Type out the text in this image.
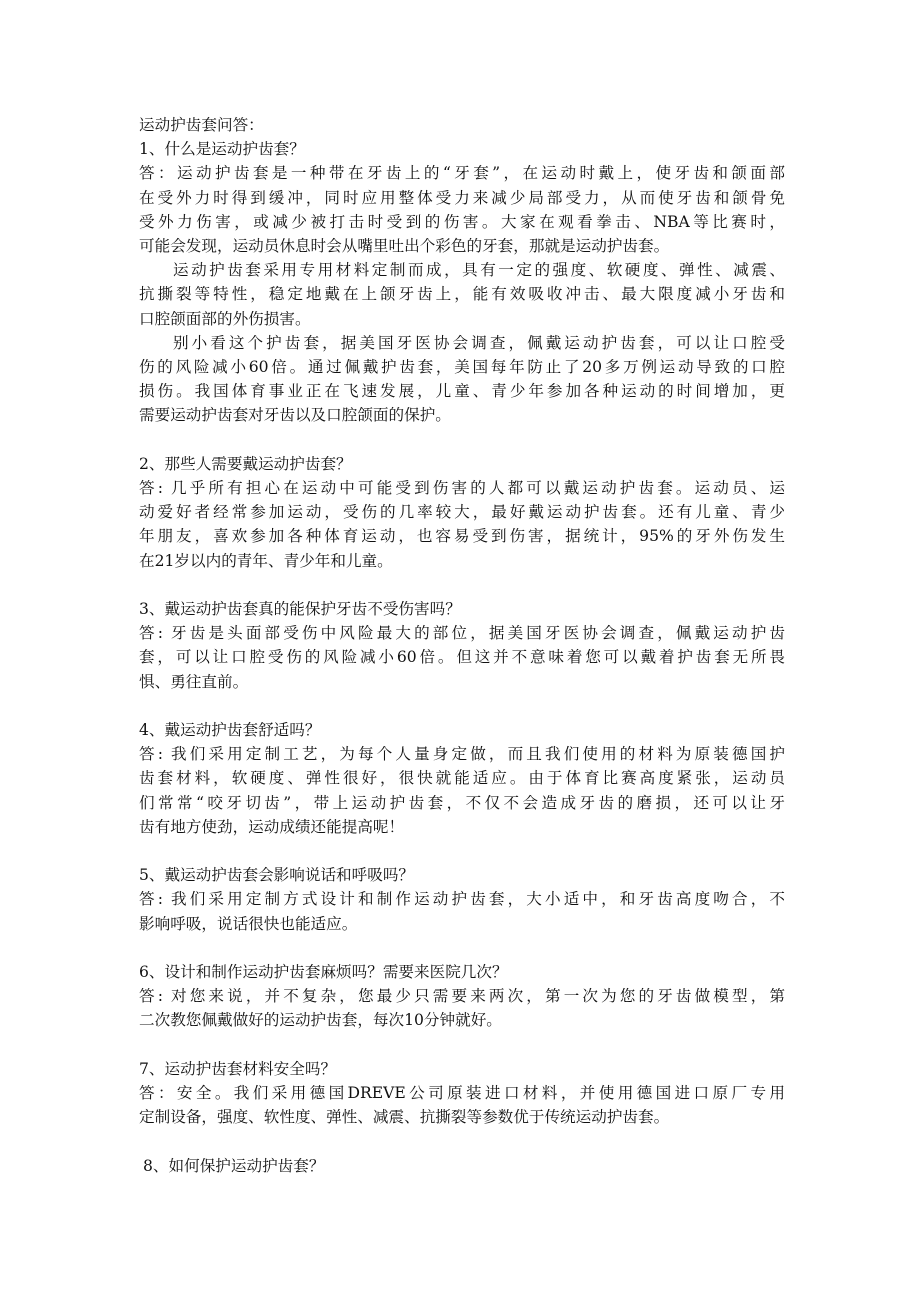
运动护齿套问答：
1、什么是运动护齿套？
答：运动护齿套是一种带在牙齿上的“牙套”，在运动时戴上，使牙齿和颌面部
在受外力时得到缓冲，同时应用整体受力来减少局部受力，从而使牙齿和颌骨免
受外力伤害，或减少被打击时受到的伤害。大家在观看拳击、NBA等比赛时，
可能会发现，运动员休息时会从嘴里吐出个彩色的牙套，那就是运动护齿套。
运动护齿套采用专用材料定制而成，具有一定的强度、软硬度、弹性、减震、
抗撕裂等特性，稳定地戴在上颌牙齿上，能有效吸收冲击、最大限度减小牙齿和
口腔颌面部的外伤损害。
别小看这个护齿套，据美国牙医协会调查，佩戴运动护齿套，可以让口腔受
伤的风险减小60倍。通过佩戴护齿套，美国每年防止了20多万例运动导致的口腔
损伤。我国体育事业正在飞速发展，儿童、青少年参加各种运动的时间增加，更
需要运动护齿套对牙齿以及口腔颌面的保护。
2、那些人需要戴运动护齿套？
答: 几乎所有担心在运动中可能受到伤害的人都可以戴运动护齿套。运动员、运
动爱好者经常参加运动，受伤的几率较大，最好戴运动护齿套。还有儿童、青少
年朋友，喜欢参加各种体育运动，也容易受到伤害，据统计，95%的牙外伤发生
在21岁以内的青年、青少年和儿童。
3、戴运动护齿套真的能保护牙齿不受伤害吗？
答: 牙齿是头面部受伤中风险最大的部位，据美国牙医协会调查，佩戴运动护齿
套，可以让口腔受伤的风险减小60倍。但这并不意味着您可以戴着护齿套无所畏
惧、勇往直前。
4、戴运动护齿套舒适吗？
答: 我们采用定制工艺，为每个人量身定做，而且我们使用的材料为原装德国护
齿套材料，软硬度、弹性很好，很快就能适应。由于体育比赛高度紧张，运动员
们常常“咬牙切齿”，带上运动护齿套，不仅不会造成牙齿的磨损，还可以让牙
齿有地方使劲，运动成绩还能提高呢！
5、戴运动护齿套会影响说话和呼吸吗？
答: 我们采用定制方式设计和制作运动护齿套，大小适中，和牙齿高度吻合，不
影响呼吸，说话很快也能适应。
6、设计和制作运动护齿套麻烦吗？需要来医院几次？
答: 对您来说，并不复杂，您最少只需要来两次，第一次为您的牙齿做模型，第
二次教您佩戴做好的运动护齿套，每次10分钟就好。
7、运动护齿套材料安全吗？
答：安全。我们采用德国DREVE公司原装进口材料，并使用德国进口原厂专用
定制设备，强度、软性度、弹性、减震、抗撕裂等参数优于传统运动护齿套。
8、如何保护运动护齿套？
